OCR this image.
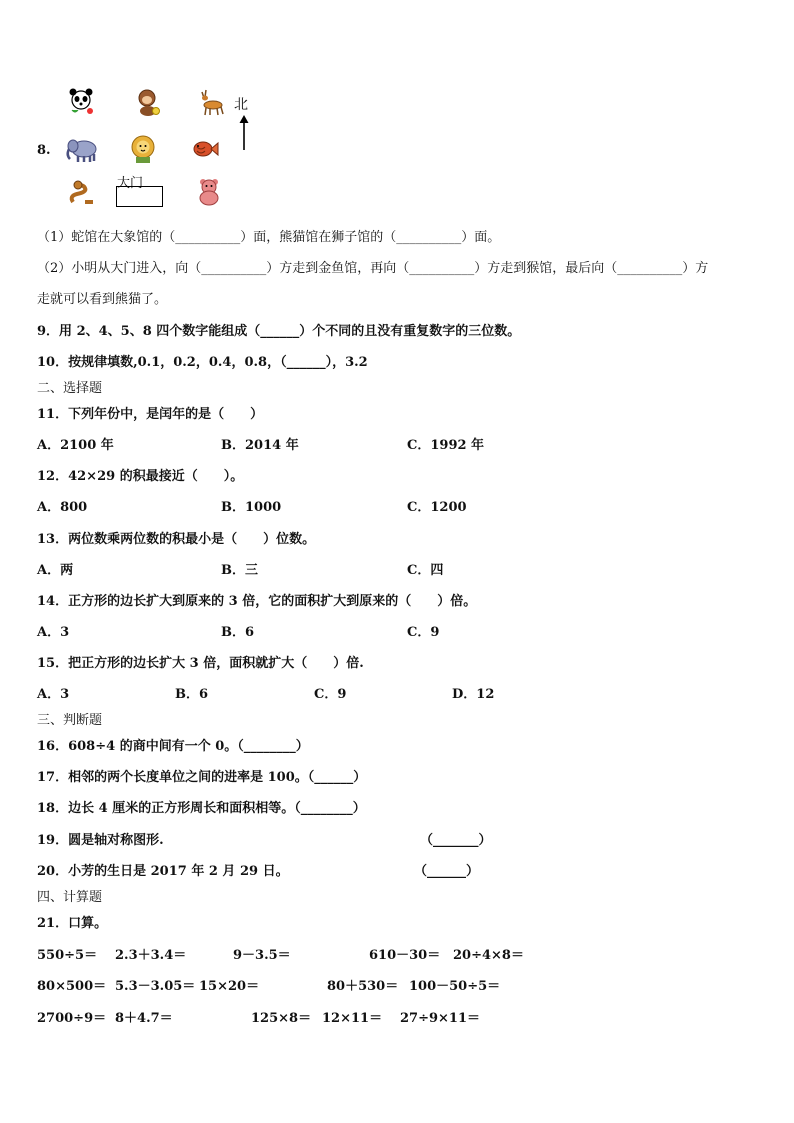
8.
北
大门
（1）蛇馆在大象馆的（__________）面，熊猫馆在狮子馆的（__________）面。
（2）小明从大门进入，向（__________）方走到金鱼馆，再向（__________）方走到猴馆，最后向（__________）方
走就可以看到熊猫了。
9．用 2、4、5、8 四个数字能组成（______）个不同的且没有重复数字的三位数。
10．按规律填数,0.1，0.2，0.4，0.8，（______），3.2
二、选择题
11．下列年份中，是闰年的是（　　）
A．2100 年	B．2014 年	C．1992 年
12．42×29 的积最接近（　　）。
A．800	B．1000	C．1200
13．两位数乘两位数的积最小是（　　）位数。
A．两	B．三	C．四
14．正方形的边长扩大到原来的 3 倍，它的面积扩大到原来的（　　）倍。
A．3	B．6	C．9
15．把正方形的边长扩大 3 倍，面积就扩大（　　）倍.
A．3	B．6	C．9	D．12
三、判断题
16．608÷4 的商中间有一个 0。（________）
17．相邻的两个长度单位之间的进率是 100。（______）
18．边长 4 厘米的正方形周长和面积相等。（________）
19．圆是轴对称图形.	（_______）
20．小芳的生日是 2017 年 2 月 29 日。	（______）
四、计算题
21．口算。
550÷5＝ 2.3＋3.4＝	9－3.5＝	610－30＝ 20÷4×8＝
80×500＝ 5.3－3.05＝ 15×20＝	80＋530＝ 100－50÷5＝
2700÷9＝ 8＋4.7＝	125×8＝ 12×11＝ 27÷9×11＝
